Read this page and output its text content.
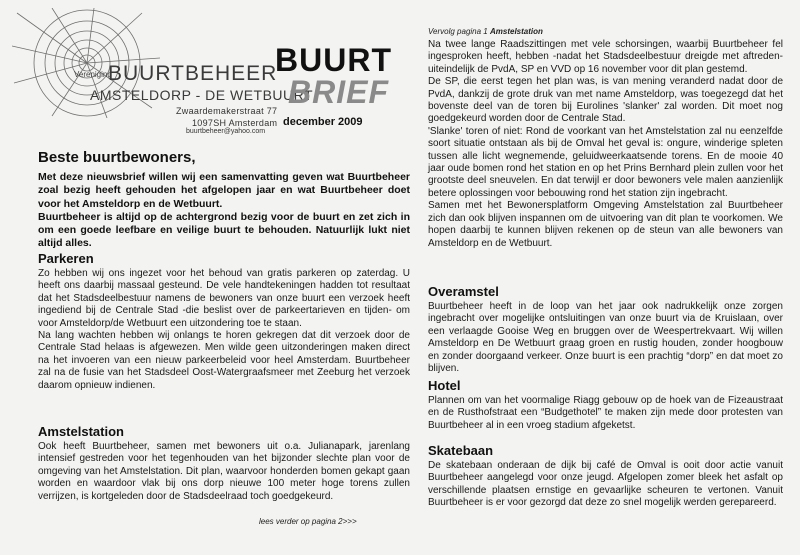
Vereniging
BUURTBEHEER
AMSTELDORP - DE WETBUURT
Zwaardemakerstraat 77
1097SH Amsterdam
buurtbeheer@yahoo.com
BUURT
BRIEF
december 2009
Beste buurtbewoners,

Met deze nieuwsbrief willen wij een samenvatting geven wat Buurtbeheer zoal bezig heeft gehouden het afgelopen jaar en wat Buurtbeheer doet voor het Amsteldorp en de Wetbuurt.

Buurtbeheer is altijd op de achtergrond bezig voor de buurt en zet zich in om een goede leefbare en veilige buurt te behouden. Natuurlijk lukt niet altijd alles.

Parkeren

Zo hebben wij ons ingezet voor het behoud van gratis parkeren op zaterdag. U heeft ons daarbij massaal gesteund. De vele handtekeningen hadden tot resultaat dat het Stadsdeelbestuur namens de bewoners van onze buurt een verzoek heeft ingediend bij de Centrale Stad -die beslist over de parkeertarieven en tijden- om voor Amsteldorp/de Wetbuurt een uitzondering toe te staan.

Na lang wachten hebben wij onlangs te horen gekregen dat dit verzoek door de Centrale Stad helaas is afgewezen. Men wilde geen uitzonderingen maken direct na het invoeren van een nieuw parkeerbeleid voor heel Amsterdam. Buurtbeheer zal na de fusie van het Stadsdeel Oost-Watergraafsmeer met Zeeburg het verzoek daarom opnieuw indienen.

Amstelstation

Ook heeft Buurtbeheer, samen met bewoners uit o.a. Julianapark, jarenlang intensief gestreden voor het tegenhouden van het bijzonder slechte plan voor de omgeving van het Amstelstation. Dit plan, waarvoor honderden bomen gekapt gaan worden en waardoor vlak bij ons dorp nieuwe 100 meter hoge torens zullen verrijzen, is kortgeleden door de Stadsdeelraad toch goedgekeurd.

lees verder op pagina 2>>>
Vervolg pagina 1 Amstelstation

Na twee lange Raadszittingen met vele schorsingen, waarbij Buurtbeheer fel ingesproken heeft, hebben -nadat het Stadsdeelbestuur dreigde met aftreden- uiteindelijk de PvdA, SP en VVD op 16 november voor dit plan gestemd.

De SP, die eerst tegen het plan was, is van mening veranderd nadat door de PvdA, dankzij de grote druk van met name Amsteldorp, was toegezegd dat het bovenste deel van de toren bij Eurolines 'slanker' zal worden. Dit moet nog goedgekeurd worden door de Centrale Stad.

'Slanke' toren of niet: Rond de voorkant van het Amstelstation zal nu eenzelfde soort situatie ontstaan als bij de Omval het geval is: ongure, winderige spleten tussen alle licht wegnemende, geluidweerkaatsende torens. En de mooie 40 jaar oude bomen rond het station en op het Prins Bernhard plein zullen voor het grootste deel sneuvelen. En dat terwijl er door bewoners vele malen aanzienlijk betere oplossingen voor bebouwing rond het station zijn ingebracht.

Samen met het Bewonersplatform Omgeving Amstelstation zal Buurtbeheer zich dan ook blijven inspannen om de uitvoering van dit plan te voorkomen. We hopen daarbij te kunnen blijven rekenen op de steun van alle bewoners van Amsteldorp en de Wetbuurt.

Overamstel

Buurtbeheer heeft in de loop van het jaar ook nadrukkelijk onze zorgen ingebracht over mogelijke ontsluitingen van onze buurt via de Kruislaan, over een verlaagde Gooise Weg en bruggen over de Weespertrekvaart. Wij willen Amsteldorp en De Wetbuurt graag groen en rustig houden, zonder hoogbouw en zonder doorgaand verkeer. Onze buurt is een prachtig “dorp” en dat moet zo blijven.

Hotel

Plannen om van het voormalige Riagg gebouw op de hoek van de Fizeaustraat en de Rusthofstraat een “Budgethotel” te maken zijn mede door protesten van Buurtbeheer al in een vroeg stadium afgeketst.

Skatebaan

De skatebaan onderaan de dijk bij café de Omval is ooit door actie vanuit Buurtbeheer aangelegd voor onze jeugd. Afgelopen zomer bleek het asfalt op verschillende plaatsen ernstige en gevaarlijke scheuren te vertonen. Vanuit Buurtbeheer is er voor gezorgd dat deze zo snel mogelijk werden gerepareerd.
